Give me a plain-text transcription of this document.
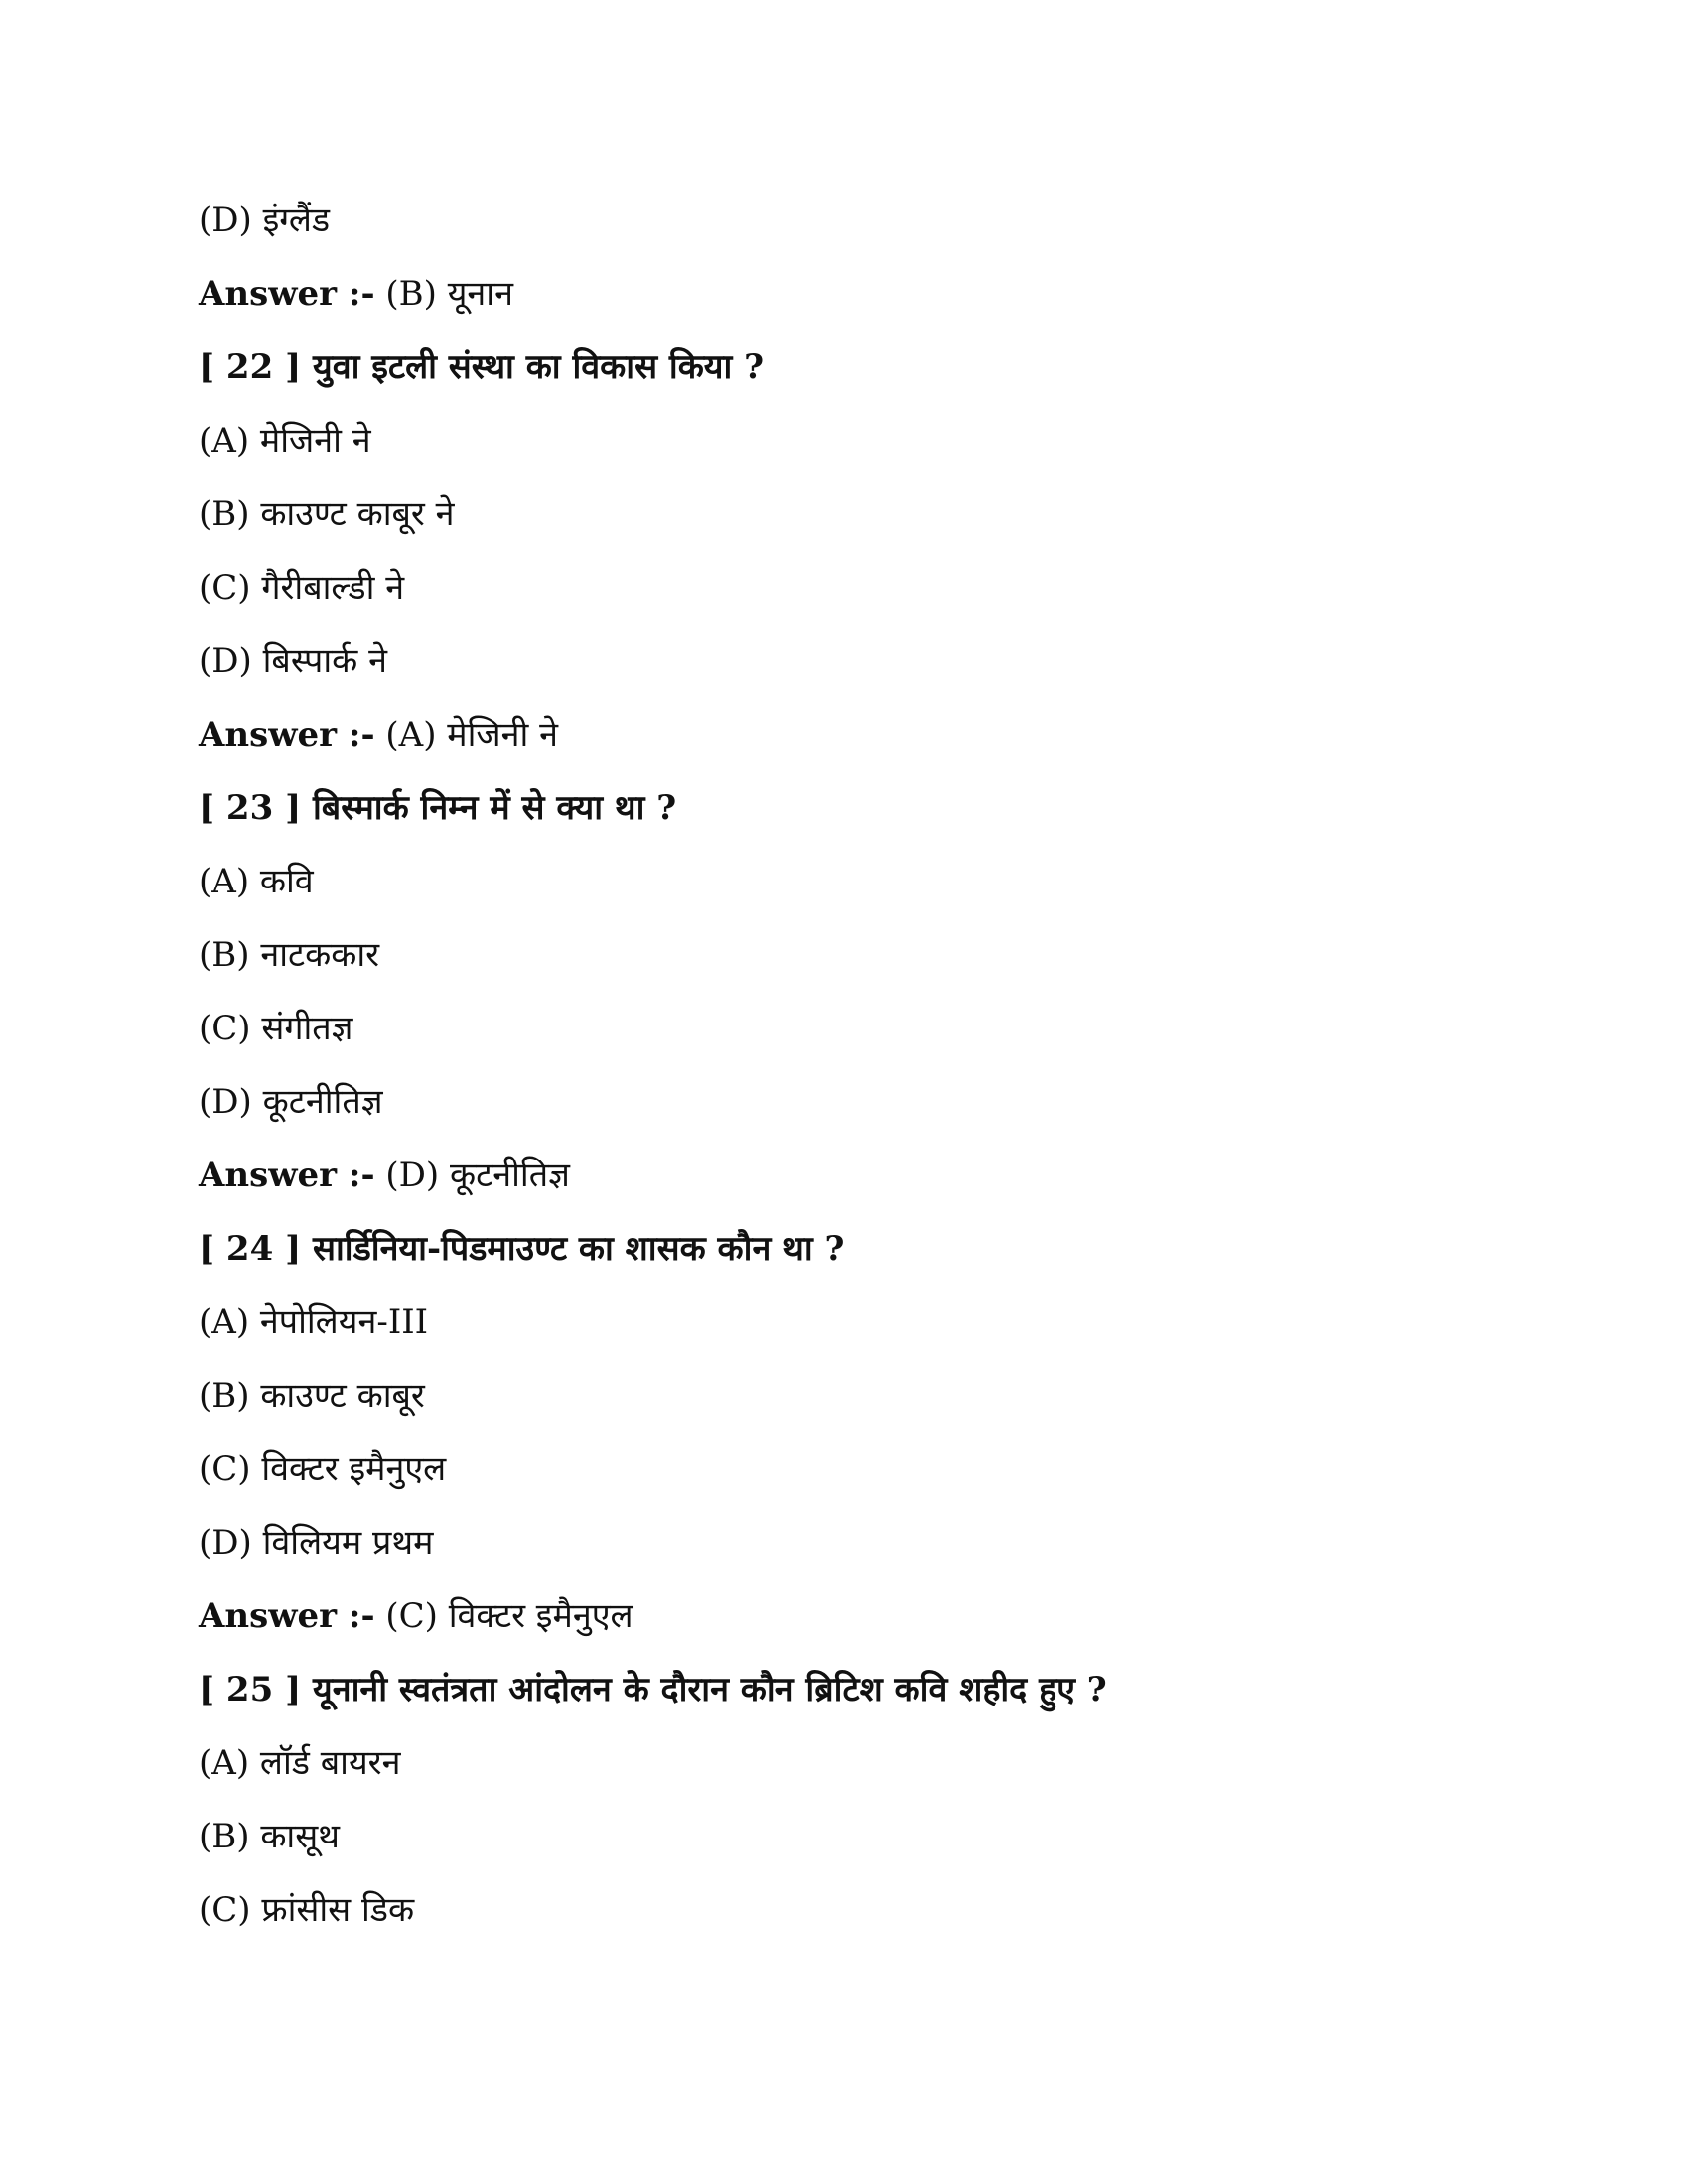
(D) इंग्लैंड
Answer :- (B) यूनान
[ 22 ] युवा इटली संस्था का विकास किया ?
(A) मेजिनी ने
(B) काउण्ट काबूर ने
(C) गैरीबाल्डी ने
(D) बिस्पार्क ने
Answer :- (A) मेजिनी ने
[ 23 ] बिस्मार्क निम्न में से क्या था ?
(A) कवि
(B) नाटककार
(C) संगीतज्ञ
(D) कूटनीतिज्ञ
Answer :- (D) कूटनीतिज्ञ
[ 24 ] सार्डिनिया-पिडमाउण्ट का शासक कौन था ?
(A) नेपोलियन-III
(B) काउण्ट काबूर
(C) विक्टर इमैनुएल
(D) विलियम प्रथम
Answer :- (C) विक्टर इमैनुएल
[ 25 ] यूनानी स्वतंत्रता आंदोलन के दौरान कौन ब्रिटिश कवि शहीद हुए ?
(A) लॉर्ड बायरन
(B) कासूथ
(C) फ्रांसीस डिक
